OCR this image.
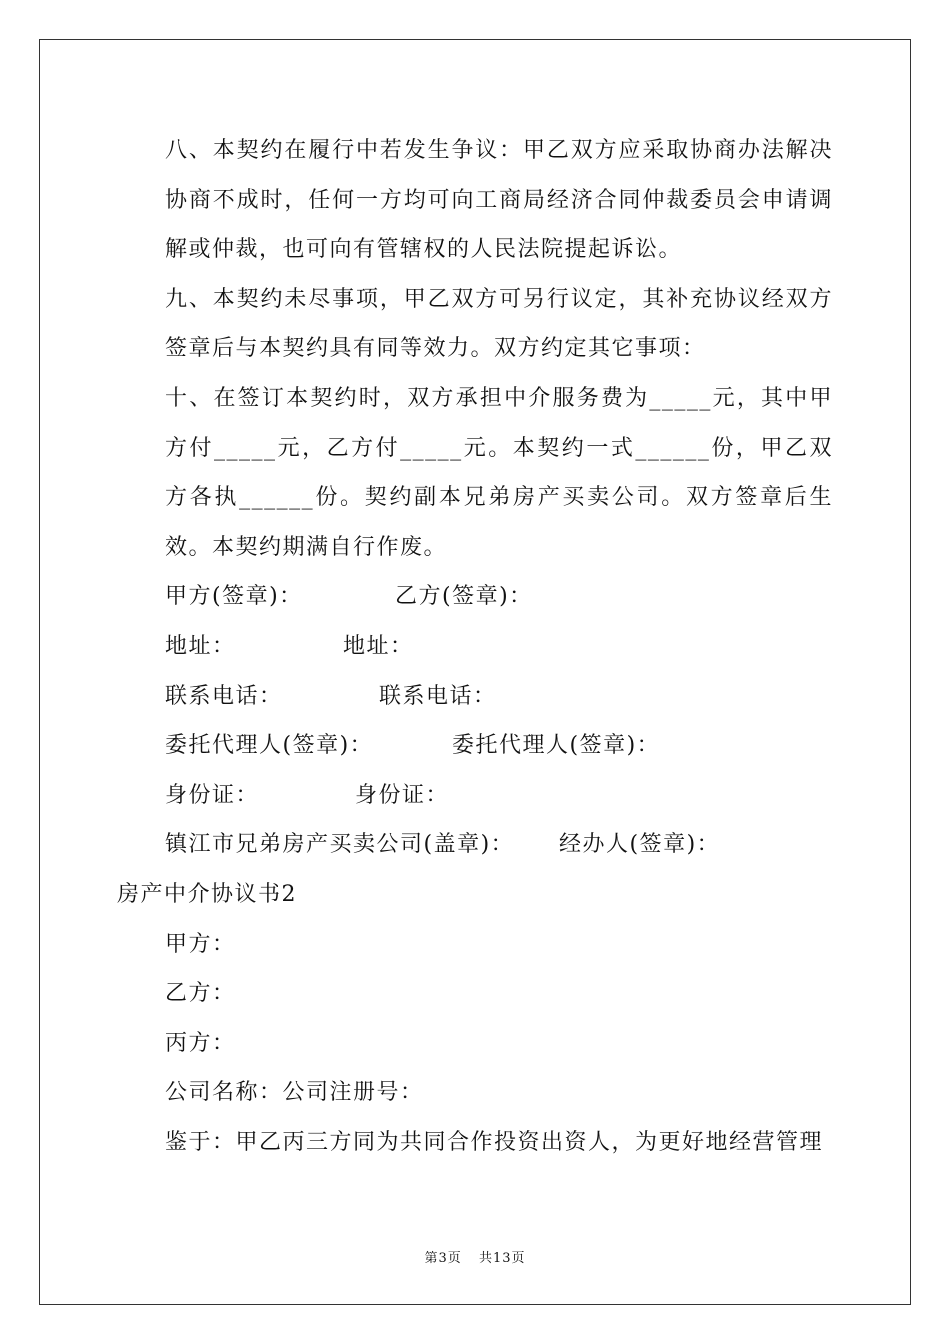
八、本契约在履行中若发生争议：甲乙双方应采取协商办法解决协商不成时，任何一方均可向工商局经济合同仲裁委员会申请调解或仲裁，也可向有管辖权的人民法院提起诉讼。

九、本契约未尽事项，甲乙双方可另行议定，其补充协议经双方签章后与本契约具有同等效力。双方约定其它事项：

十、在签订本契约时，双方承担中介服务费为_____元，其中甲方付_____元，乙方付_____元。本契约一式______份，甲乙双方各执______份。契约副本兄弟房产买卖公司。双方签章后生效。本契约期满自行作废。

甲方(签章)：	乙方(签章)：
地址：	地址：
联系电话：	联系电话：
委托代理人(签章)：	委托代理人(签章)：
身份证：	身份证：
镇江市兄弟房产买卖公司(盖章)：	经办人(签章)：

房产中介协议书2

甲方：

乙方：

丙方：

公司名称：公司注册号：

鉴于：甲乙丙三方同为共同合作投资出资人，为更好地经营管理

第3页 共13页
